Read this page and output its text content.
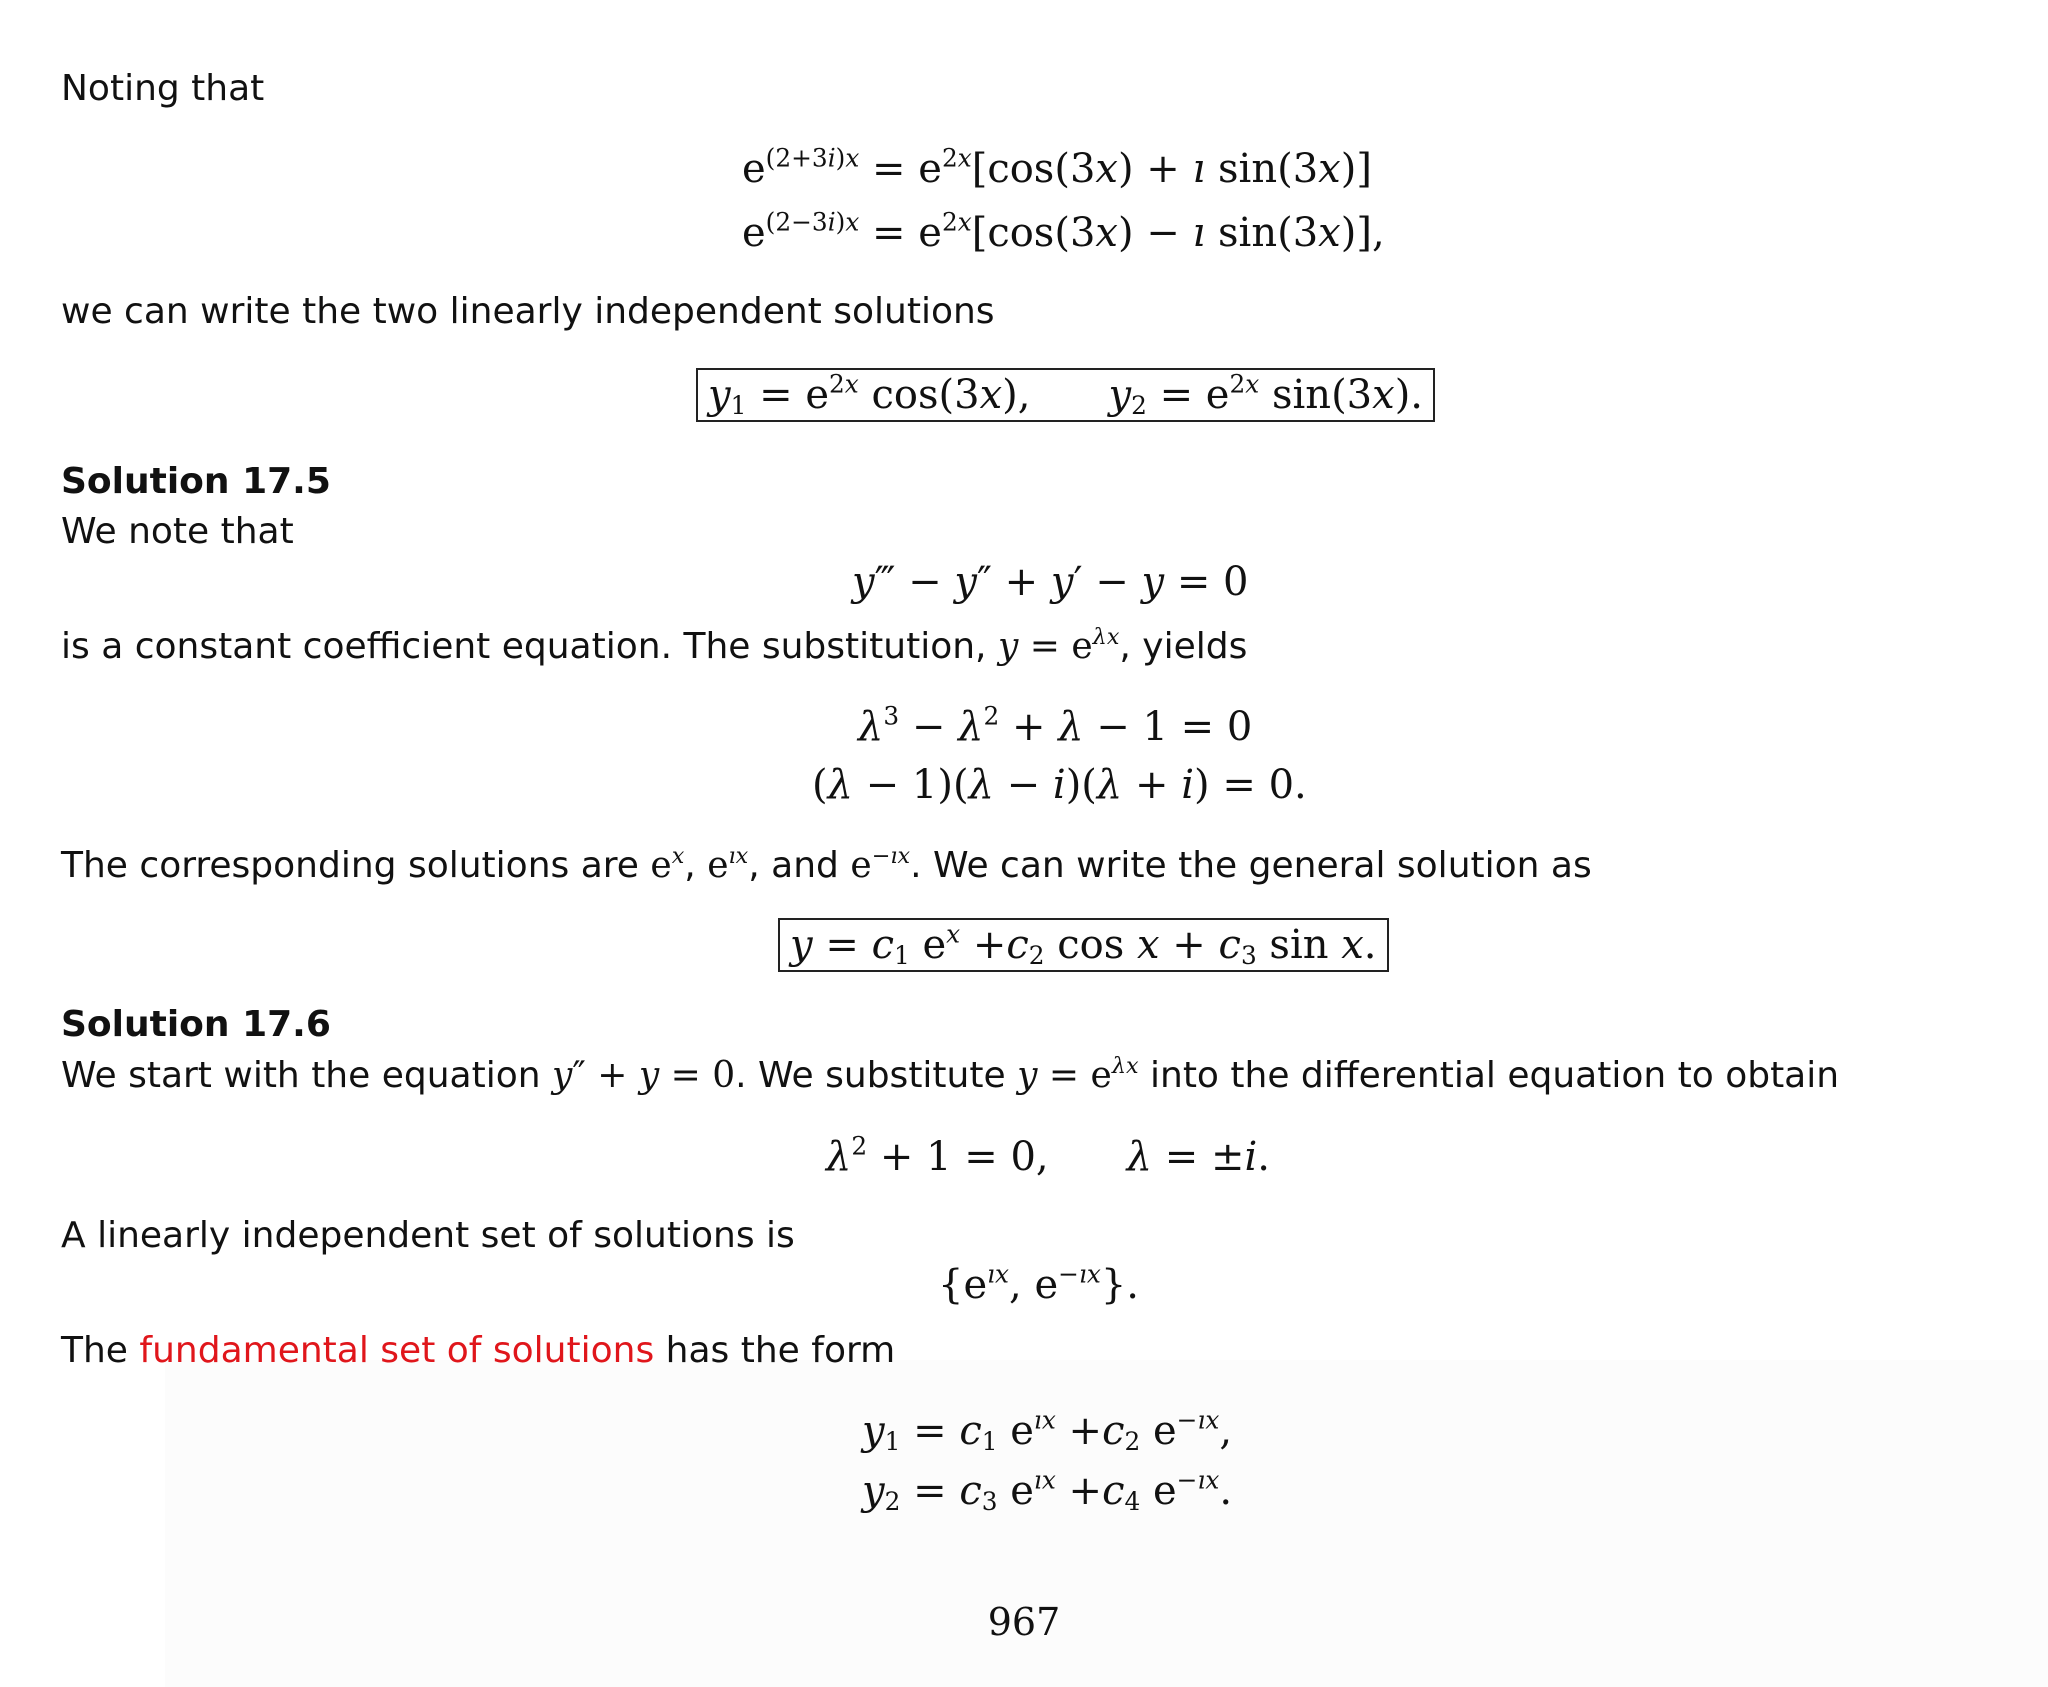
Noting that
$e^{(2+3i)x} = e^{2x}[\cos(3x)$ + ı sin(3x)]
$e^{(2-3i)x} = e^{2x}[\cos(3x)$ − ı sin(3x)],
we can write the two linearly independent solutions
$y_1 = e^{2x}$ cos(3x), $y_2 = e^{2x}$ sin(3x).
Solution 17.5
We note that
y‴ − y″ + y′ − y = 0
is a constant coefficient equation. The substitution, $y = e^{\lambda x}$, yields
$\lambda^3 - \lambda^2 + \lambda - 1 = 0$
(λ − 1)(λ − i)(λ + i) = 0.
The corresponding solutions are $e^x$, $e^{ıx}$, and $e^{-ıx}$. We can write the general solution as
$y = c_1$ $e^x +c_2$ $\cos x + c_3$ sin x.
Solution 17.6
We start with the equation y″ + y = 0. We substitute $y = e^{\lambda x}$ into the differential equation to obtain
$\lambda^2 + 1 = 0$, λ = ±i.
A linearly independent set of solutions is
{$e^{ıx}$, $e^{-ıx}$}.
The fundamental set of solutions has the form
$y_1 = c_1$ $e^{ıx} +c_2$ $e^{-ıx}$,
$y_2 = c_3$ $e^{ıx} +c_4$ $e^{-ıx}$.
967
